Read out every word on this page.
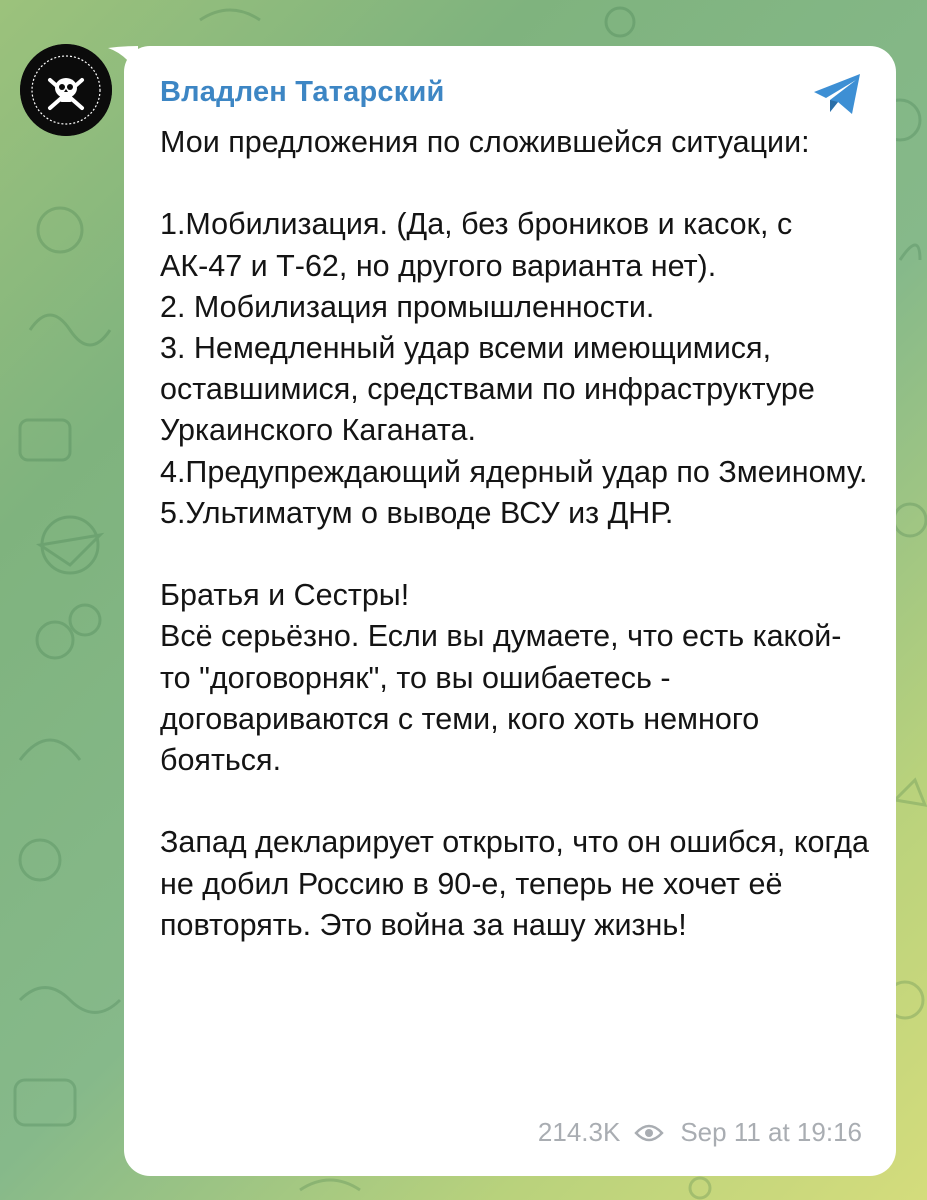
Владлен Татарский
Мои предложения по сложившейся ситуации:

1.Мобилизация. (Да, без броников и касок, с АК-47 и Т-62, но другого варианта нет).
2. Мобилизация промышленности.
3. Немедленный удар всеми имеющимися, оставшимися, средствами по инфраструктуре Уркаинского Каганата.
4.Предупреждающий ядерный удар по Змеиному.
5.Ультиматум о выводе ВСУ из ДНР.

Братья и Сестры!
Всё серьёзно. Если вы думаете, что есть какой-то "договорняк", то вы ошибаетесь - договариваются с теми, кого хоть немного бояться.

Запад декларирует открыто, что он ошибся, когда не добил Россию в 90-е, теперь не хочет её повторять. Это война за нашу жизнь!
214.3K Sep 11 at 19:16
